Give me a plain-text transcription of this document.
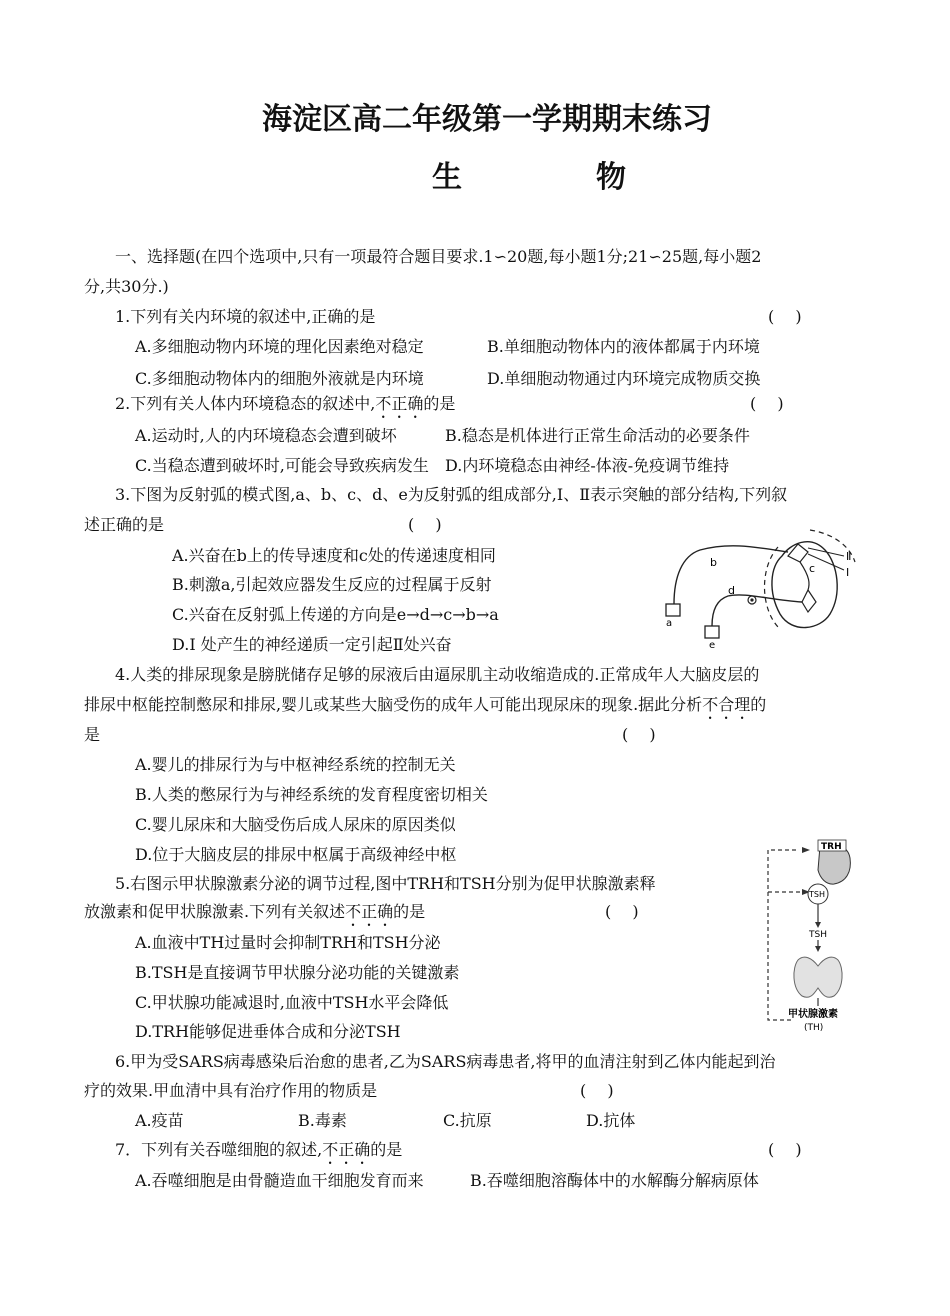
海淀区高二年级第一学期期末练习
生　物
一、选择题(在四个选项中,只有一项最符合题目要求.1∽20题,每小题1分;21∽25题,每小题2
分,共30分.)
1.下列有关内环境的叙述中,正确的是	(　 )
A.多细胞动物内环境的理化因素绝对稳定	B.单细胞动物体内的液体都属于内环境
C.多细胞动物体内的细胞外液就是内环境	D.单细胞动物通过内环境完成物质交换
2.下列有关人体内环境稳态的叙述中,不正确的是	(　 )
A.运动时,人的内环境稳态会遭到破坏	B.稳态是机体进行正常生命活动的必要条件
C.当稳态遭到破坏时,可能会导致疾病发生 D.内环境稳态由神经-体液-免疫调节维持
3.下图为反射弧的模式图,a、b、c、d、e为反射弧的组成部分,Ⅰ、Ⅱ表示突触的部分结构,下列叙
述正确的是	(　 )
A.兴奋在b上的传导速度和c处的传递速度相同
B.刺激a,引起效应器发生反应的过程属于反射
C.兴奋在反射弧上传递的方向是e→d→c→b→a
D.Ⅰ 处产生的神经递质一定引起Ⅱ处兴奋
b	c
d
a
e
Ⅱ
Ⅰ
4.人类的排尿现象是膀胱储存足够的尿液后由逼尿肌主动收缩造成的.正常成年人大脑皮层的
排尿中枢能控制憋尿和排尿,婴儿或某些大脑受伤的成年人可能出现尿床的现象.据此分析不合理的
是	(　 )
A.婴儿的排尿行为与中枢神经系统的控制无关
B.人类的憋尿行为与神经系统的发育程度密切相关
C.婴儿尿床和大脑受伤后成人尿床的原因类似
D.位于大脑皮层的排尿中枢属于高级神经中枢
5.右图示甲状腺激素分泌的调节过程,图中TRH和TSH分别为促甲状腺激素释
放激素和促甲状腺激素.下列有关叙述不正确的是	(　 )
A.血液中TH过量时会抑制TRH和TSH分泌
B.TSH是直接调节甲状腺分泌功能的关键激素
C.甲状腺功能减退时,血液中TSH水平会降低
D.TRH能够促进垂体合成和分泌TSH
TRH
TSH
TSH
甲状腺激素
(TH)
6.甲为受SARS病毒感染后治愈的患者,乙为SARS病毒患者,将甲的血清注射到乙体内能起到治
疗的效果.甲血清中具有治疗作用的物质是	(　 )
A.疫苗	B.毒素	C.抗原	D.抗体
7．下列有关吞噬细胞的叙述,不正确的是	(　 )
A.吞噬细胞是由骨髓造血干细胞发育而来	B.吞噬细胞溶酶体中的水解酶分解病原体
